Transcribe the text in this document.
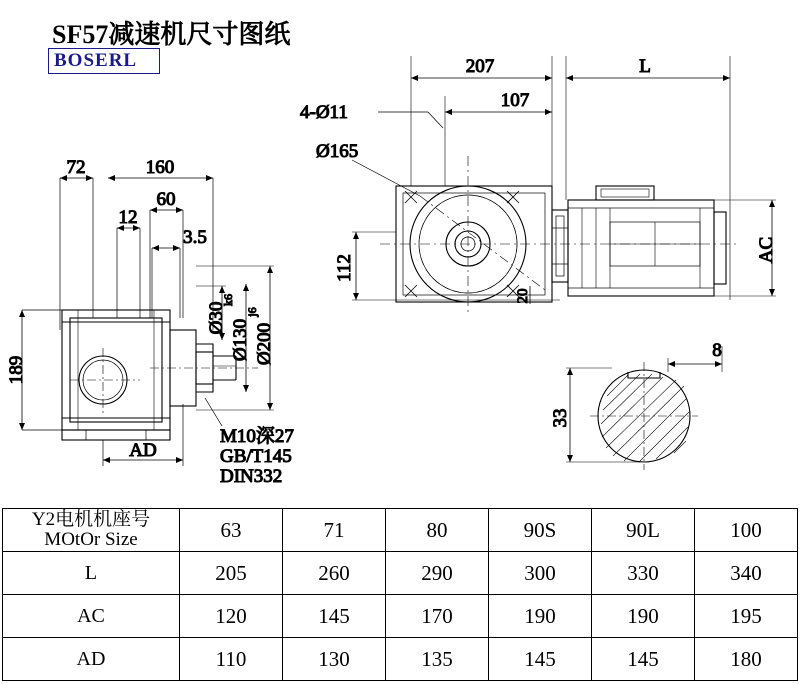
SF57减速机尺寸图纸
BOSERL
72	160
60
12
3.5
189
AD
Ø30
k6
Ø130
j6
Ø200
M10深27
GB/T145
DIN332
207	L
107
4-Ø11
Ø165
112
20
AC
8
33
Y2电机机座号
MOtOr Size	63	71	80	90S	90L	100
L	205	260	290	300	330	340
AC	120	145	170	190	190	195
AD	110	130	135	145	145	180
